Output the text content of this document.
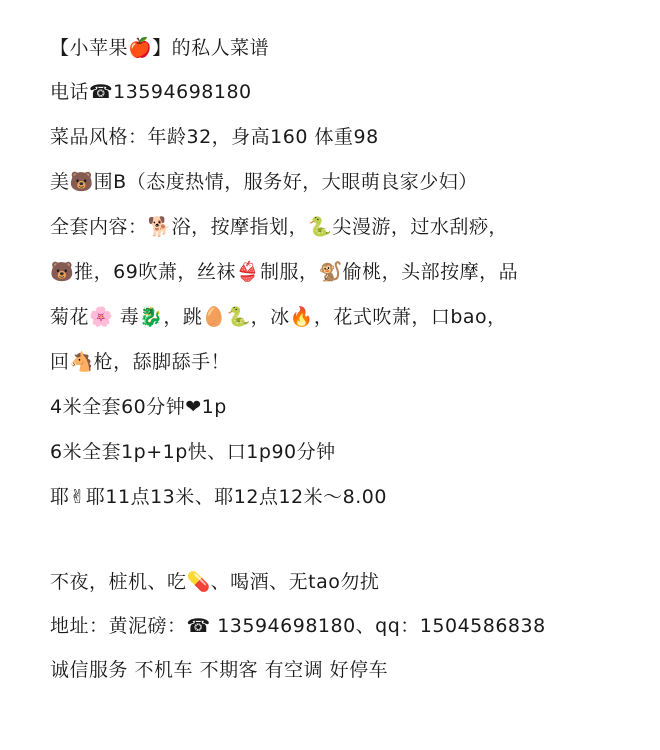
【小苹果🍎】的私人菜谱
电话☎13594698180
菜品风格：年龄32，身高160 体重98
美🐻围B（态度热情，服务好，大眼萌良家少妇）
全套内容：🐕浴，按摩指划，🐍尖漫游，过水刮痧，
🐻推，69吹萧，丝袜👙制服，🐒偷桃，头部按摩，品
菊花🌸 毒🐉，跳🥚🐍，冰🔥，花式吹萧，口bao，
回🐴枪，舔脚舔手！
4米全套60分钟❤1p
6米全套1p+1p快、口1p90分钟
耶✌耶11点13米、耶12点12米～8.00
不夜，桩机、吃💊、喝酒、无tao勿扰
地址：黄泥磅：☎ 13594698180、qq：1504586838
诚信服务 不机车 不期客 有空调 好停车
